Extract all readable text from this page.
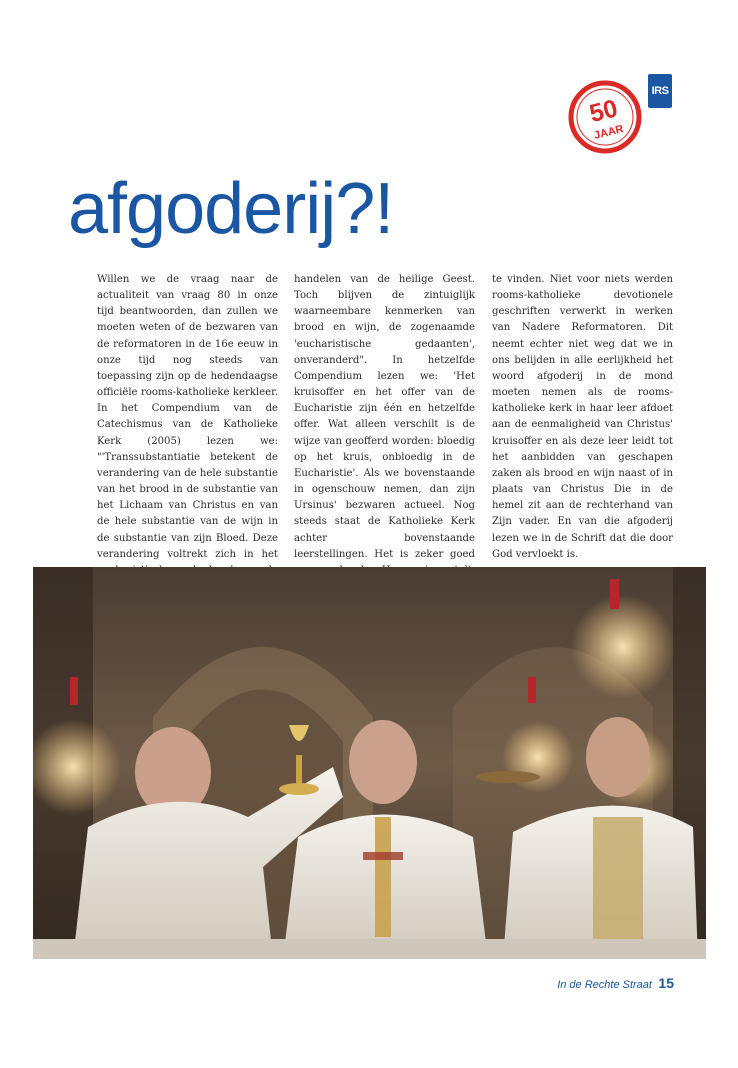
IRS
50
JAAR
afgoderij?!

Willen we de vraag naar de actualiteit van vraag 80 in onze tijd beantwoorden, dan zullen we moeten weten of de bezwaren van de reformatoren in de 16e eeuw in onze tijd nog steeds van toepassing zijn op de hedendaagse officiële rooms-katholieke kerkleer. In het Compendium van de Catechismus van de Katholieke Kerk (2005) lezen we: "'Transsubstantiatie betekent de verandering van de hele substantie van het brood in de substantie van het Lichaam van Christus en van de hele substantie van de wijn in de substantie van zijn Bloed. Deze verandering voltrekt zich in het

handelen van de heilige Geest. Toch blijven de zintuiglijk waarneembare kenmerken van brood en wijn, de zogenaamde 'eucharistische gedaanten', onveranderd". In hetzelfde Compendium lezen we: 'Het kruisoffer en het offer van de Eucharistie zijn één en hetzelfde offer. Wat alleen verschilt is de wijze van geofferd worden: bloedig op het kruis, onbloedig in de Eucharistie'. Als we bovenstaande in ogenschouw nemen, dan zijn Ursinus' bezwaren actueel. Nog steeds staat de Katholieke Kerk achter bovenstaande leerstellingen. Het is zeker goed

te vinden. Niet voor niets werden rooms-katholieke devotionele geschriften verwerkt in werken van Nadere Reformatoren. Dit neemt echter niet weg dat we in ons belijden in alle eerlijkheid het woord afgoderij in de mond moeten nemen als de rooms-katholieke kerk in haar leer afdoet aan de eenmaligheid van Christus' kruisoffer en als deze leer leidt tot het aanbidden van geschapen zaken als brood en wijn naast of in plaats van Christus Die in de hemel zit aan de rechterhand van Zijn vader. En van die afgoderij lezen we in de Schrift dat die door God vervloekt is.

In de Rechte Straat 15
